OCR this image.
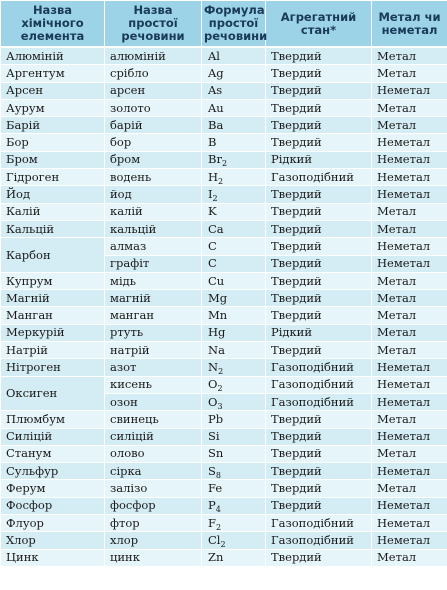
Назва хімічного елемента	Назва простої речовини	Формула простої речовини	Агрегатний стан*	Метал чи неметал
Алюміній	алюміній	Al	Твердий	Метал
Аргентум	срібло	Ag	Твердий	Метал
Арсен	арсен	As	Твердий	Неметал
Аурум	золото	Au	Твердий	Метал
Барій	барій	Ba	Твердий	Метал
Бор	бор	B	Твердий	Неметал
Бром	бром	$Br_2$	Рідкий	Неметал
Гідроген	водень	$H_2$	Газоподібний	Неметал
Йод	йод	$I_2$	Твердий	Неметал
Калій	калій	K	Твердий	Метал
Кальцій	кальцій	Ca	Твердий	Метал
Карбон	алмаз	C	Твердий	Неметал
	графіт	C	Твердий	Неметал
Купрум	мідь	Cu	Твердий	Метал
Магній	магній	Mg	Твердий	Метал
Манган	манган	Mn	Твердий	Метал
Меркурій	ртуть	Hg	Рідкий	Метал
Натрій	натрій	Na	Твердий	Метал
Нітроген	азот	$N_2$	Газоподібний	Неметал
Оксиген	кисень	$O_2$	Газоподібний	Неметал
	озон	$O_3$	Газоподібний	Неметал
Плюмбум	свинець	Pb	Твердий	Метал
Силіцій	силіцій	Si	Твердий	Неметал
Станум	олово	Sn	Твердий	Метал
Сульфур	сірка	$S_8$	Твердий	Неметал
Ферум	залізо	Fe	Твердий	Метал
Фосфор	фосфор	$P_4$	Твердий	Неметал
Флуор	фтор	$F_2$	Газоподібний	Неметал
Хлор	хлор	$Cl_2$	Газоподібний	Неметал
Цинк	цинк	Zn	Твердий	Метал
